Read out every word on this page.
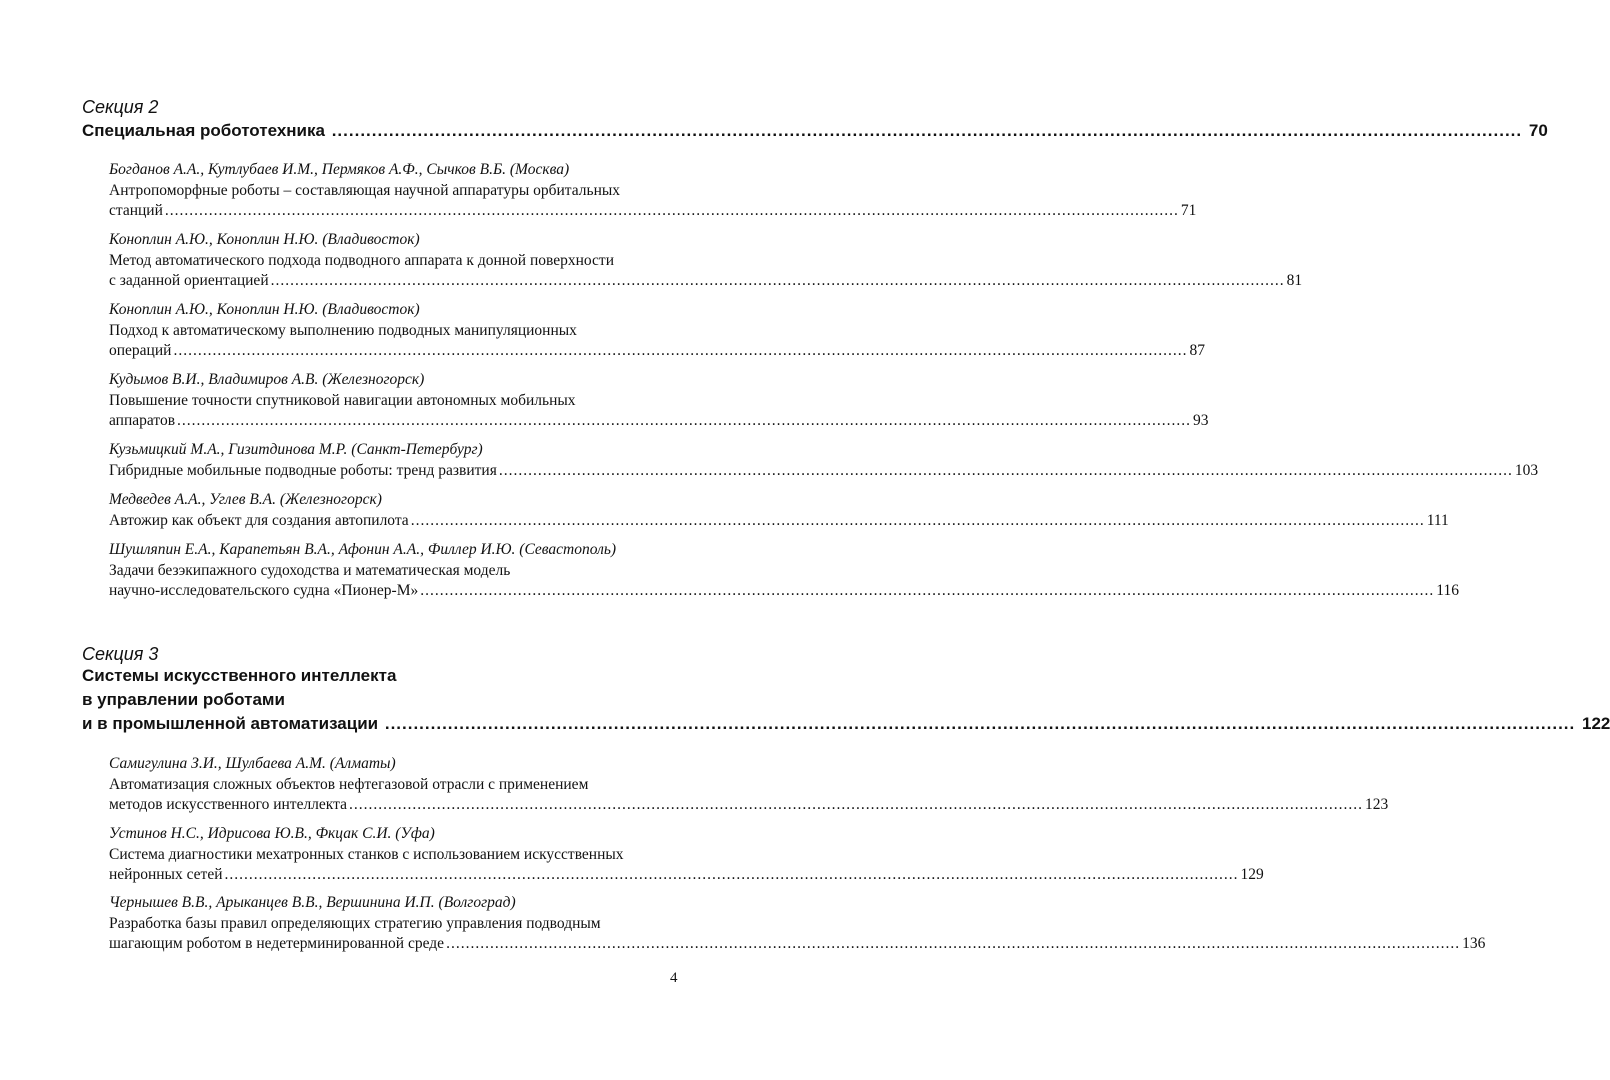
Секция 2
Специальная робототехника .....	70
Богданов А.А., Кутлубаев И.М., Пермяков А.Ф., Сычков В.Б. (Москва)
Антропоморфные роботы – составляющая научной аппаратуры орбитальных
станций .....	71
Коноплин А.Ю., Коноплин Н.Ю. (Владивосток)
Метод автоматического подхода подводного аппарата к донной поверхности
с заданной ориентацией .....	81
Коноплин А.Ю., Коноплин Н.Ю. (Владивосток)
Подход к автоматическому выполнению подводных манипуляционных
операций .....	87
Кудымов В.И., Владимиров А.В. (Железногорск)
Повышение точности спутниковой навигации автономных мобильных
аппаратов .....	93
Кузьмицкий М.А., Гизитдинова М.Р. (Санкт-Петербург)
Гибридные мобильные подводные роботы: тренд развития .....	103
Медведев А.А., Углев В.А. (Железногорск)
Автожир как объект для создания автопилота .....	111
Шушляпин Е.А., Карапетьян В.А., Афонин А.А., Филлер И.Ю. (Севастополь)
Задачи безэкипажного судоходства и математическая модель
научно-исследовательского судна «Пионер-М» .....	116
Секция 3
Системы искусственного интеллекта
в управлении роботами
и в промышленной автоматизации .....	122
Самигулина З.И., Шулбаева А.М. (Алматы)
Автоматизация сложных объектов нефтегазовой отрасли с применением
методов искусственного интеллекта .....	123
Устинов Н.С., Идрисова Ю.В., Фкцак С.И. (Уфа)
Система диагностики мехатронных станков с использованием искусственных
нейронных сетей .....	129
Чернышев В.В., Арыканцев В.В., Вершинина И.П. (Волгоград)
Разработка базы правил определяющих стратегию управления подводным
шагающим роботом в недетерминированной среде .....	136
4
